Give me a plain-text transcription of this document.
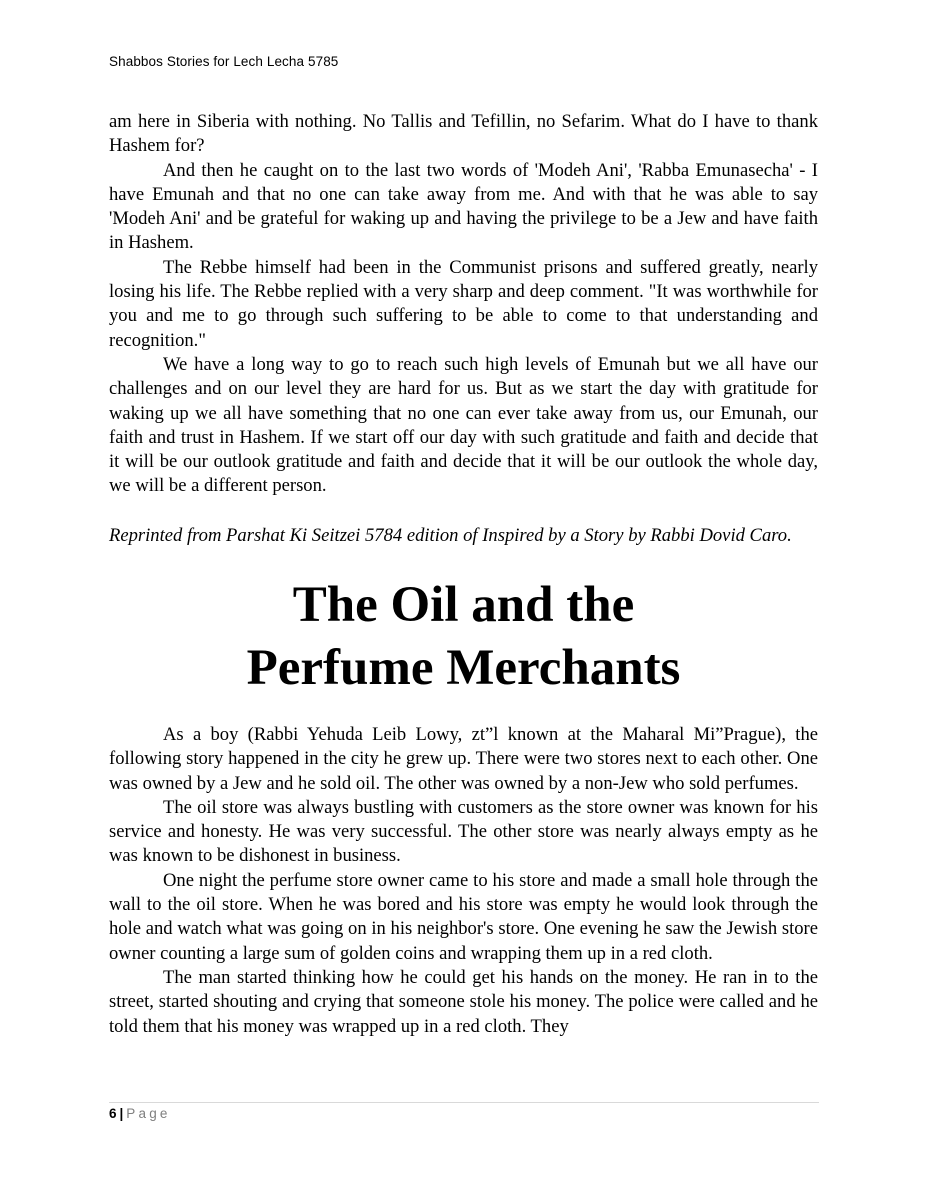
Shabbos Stories for Lech Lecha 5785

am here in Siberia with nothing. No Tallis and Tefillin, no Sefarim. What do I have to thank Hashem for?

And then he caught on to the last two words of 'Modeh Ani', 'Rabba Emunasecha' - I have Emunah and that no one can take away from me. And with that he was able to say 'Modeh Ani' and be grateful for waking up and having the privilege to be a Jew and have faith in Hashem.

The Rebbe himself had been in the Communist prisons and suffered greatly, nearly losing his life. The Rebbe replied with a very sharp and deep comment. "It was worthwhile for you and me to go through such suffering to be able to come to that understanding and recognition."

We have a long way to go to reach such high levels of Emunah but we all have our challenges and on our level they are hard for us. But as we start the day with gratitude for waking up we all have something that no one can ever take away from us, our Emunah, our faith and trust in Hashem. If we start off our day with such gratitude and faith and decide that it will be our outlook gratitude and faith and decide that it will be our outlook the whole day, we will be a different person.

Reprinted from Parshat Ki Seitzei 5784 edition of Inspired by a Story by Rabbi Dovid Caro.
The Oil and the
Perfume Merchants

As a boy (Rabbi Yehuda Leib Lowy, zt”l known at the Maharal Mi”Prague), the following story happened in the city he grew up. There were two stores next to each other. One was owned by a Jew and he sold oil. The other was owned by a non-Jew who sold perfumes.

The oil store was always bustling with customers as the store owner was known for his service and honesty. He was very successful. The other store was nearly always empty as he was known to be dishonest in business.

One night the perfume store owner came to his store and made a small hole through the wall to the oil store. When he was bored and his store was empty he would look through the hole and watch what was going on in his neighbor's store. One evening he saw the Jewish store owner counting a large sum of golden coins and wrapping them up in a red cloth.

The man started thinking how he could get his hands on the money. He ran in to the street, started shouting and crying that someone stole his money. The police were called and he told them that his money was wrapped up in a red cloth. They

6 | Page
